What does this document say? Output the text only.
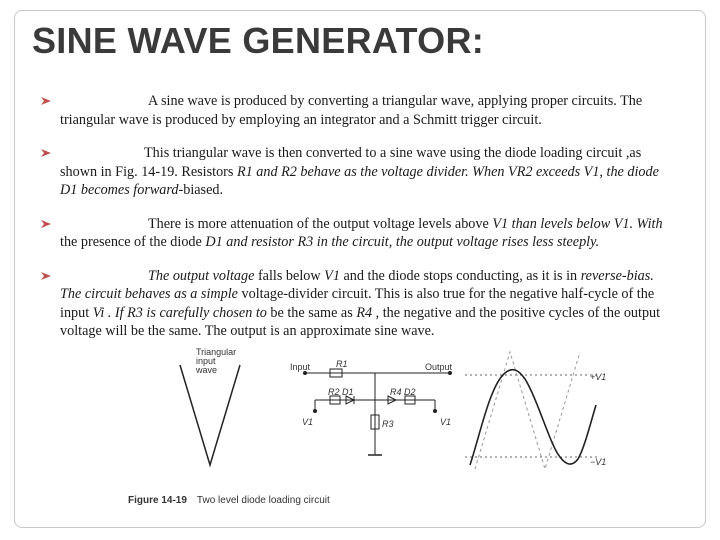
SINE WAVE GENERATOR:
A sine wave is produced by converting a triangular wave, applying proper circuits. The triangular wave is produced by employing an integrator and a Schmitt trigger circuit.
This triangular wave is then converted to a sine wave using the diode loading circuit ,as shown in Fig. 14-19. Resistors R1 and R2 behave as the voltage divider. When VR2 exceeds V1, the diode D1 becomes forward-biased.
There is more attenuation of the output voltage levels above V1 than levels below V1. With the presence of the diode D1 and resistor R3 in the circuit, the output voltage rises less steeply.
The output voltage falls below V1 and the diode stops conducting, as it is in reverse-bias. The circuit behaves as a simple voltage-divider circuit. This is also true for the negative half-cycle of the input Vi . If R3 is carefully chosen to be the same as R4 , the negative and the positive cycles of the output voltage will be the same. The output is an approximate sine wave.
Triangular
input
wave	Input	Output
R1
R2 D1	R4 D2
R3
V1	V1
+V1
−V1
Figure 14-19 Two level diode loading circuit
